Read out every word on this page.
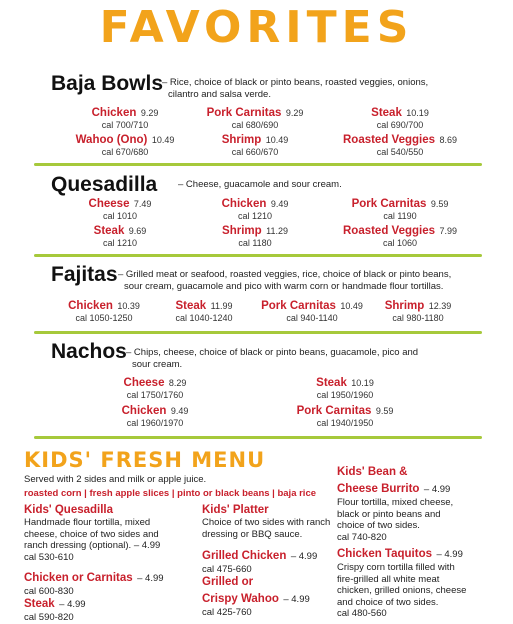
FAVORITES
Baja Bowls
– Rice, choice of black or pinto beans, roasted veggies, onions,
cilantro and salsa verde.
Chicken 9.29
cal 700/710
Pork Carnitas 9.29
cal 680/690
Steak 10.19
cal 690/700
Wahoo (Ono) 10.49
cal 670/680
Shrimp 10.49
cal 660/670
Roasted Veggies 8.69
cal 540/550
Quesadilla – Cheese, guacamole and sour cream.
Cheese 7.49
cal 1010
Chicken 9.49
cal 1210
Pork Carnitas 9.59
cal 1190
Steak 9.69
cal 1210
Shrimp 11.29
cal 1180
Roasted Veggies 7.99
cal 1060
Fajitas – Grilled meat or seafood, roasted veggies, rice, choice of black or pinto beans,
sour cream, guacamole and pico with warm corn or handmade flour tortillas.
Chicken 10.39
cal 1050-1250
Steak 11.99
cal 1040-1240
Pork Carnitas 10.49
cal 940-1140
Shrimp 12.39
cal 980-1180
Nachos – Chips, cheese, choice of black or pinto beans, guacamole, pico and
sour cream.
Cheese 8.29
cal 1750/1760
Steak 10.19
cal 1950/1960
Chicken 9.49
cal 1960/1970
Pork Carnitas 9.59
cal 1940/1950
KIDS' FRESH MENU
Served with 2 sides and milk or apple juice.
roasted corn | fresh apple slices | pinto or black beans | baja rice
Kids' Quesadilla
Handmade flour tortilla, mixed
cheese, choice of two sides and
ranch dressing (optional). – 4.99
cal 530-610
Chicken or Carnitas – 4.99
cal 600-830
Steak – 4.99
cal 590-820
Kids' Platter
Choice of two sides with ranch
dressing or BBQ sauce.
Grilled Chicken – 4.99
cal 475-660
Grilled or
Crispy Wahoo – 4.99
cal 425-760
Kids' Bean &
Cheese Burrito – 4.99
Flour tortilla, mixed cheese,
black or pinto beans and
choice of two sides.
cal 740-820
Chicken Taquitos – 4.99
Crispy corn tortilla filled with
fire-grilled all white meat
chicken, grilled onions, cheese
and choice of two sides.
cal 480-560
